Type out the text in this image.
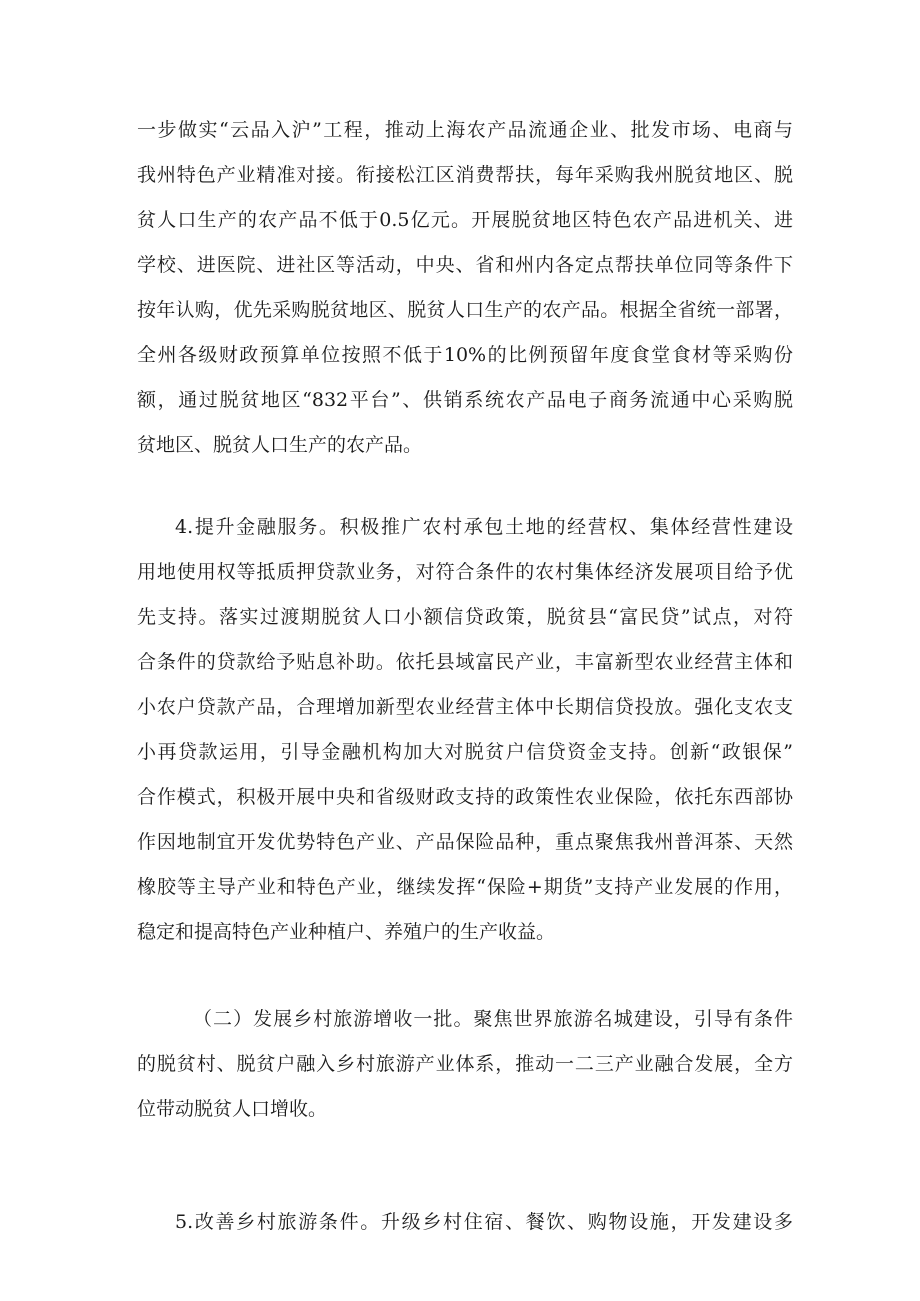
一步做实“云品入沪”工程，推动上海农产品流通企业、批发市场、电商与
我州特色产业精准对接。衔接松江区消费帮扶，每年采购我州脱贫地区、脱
贫人口生产的农产品不低于0.5亿元。开展脱贫地区特色农产品进机关、进
学校、进医院、进社区等活动，中央、省和州内各定点帮扶单位同等条件下
按年认购，优先采购脱贫地区、脱贫人口生产的农产品。根据全省统一部署，
全州各级财政预算单位按照不低于10%的比例预留年度食堂食材等采购份
额，通过脱贫地区“832平台”、供销系统农产品电子商务流通中心采购脱
贫地区、脱贫人口生产的农产品。
4.提升金融服务。积极推广农村承包土地的经营权、集体经营性建设
用地使用权等抵质押贷款业务，对符合条件的农村集体经济发展项目给予优
先支持。落实过渡期脱贫人口小额信贷政策，脱贫县“富民贷”试点，对符
合条件的贷款给予贴息补助。依托县域富民产业，丰富新型农业经营主体和
小农户贷款产品，合理增加新型农业经营主体中长期信贷投放。强化支农支
小再贷款运用，引导金融机构加大对脱贫户信贷资金支持。创新“政银保”
合作模式，积极开展中央和省级财政支持的政策性农业保险，依托东西部协
作因地制宜开发优势特色产业、产品保险品种，重点聚焦我州普洱茶、天然
橡胶等主导产业和特色产业，继续发挥“保险+期货”支持产业发展的作用，
稳定和提高特色产业种植户、养殖户的生产收益。
（二）发展乡村旅游增收一批。聚焦世界旅游名城建设，引导有条件
的脱贫村、脱贫户融入乡村旅游产业体系，推动一二三产业融合发展，全方
位带动脱贫人口增收。
5.改善乡村旅游条件。升级乡村住宿、餐饮、购物设施，开发建设多
